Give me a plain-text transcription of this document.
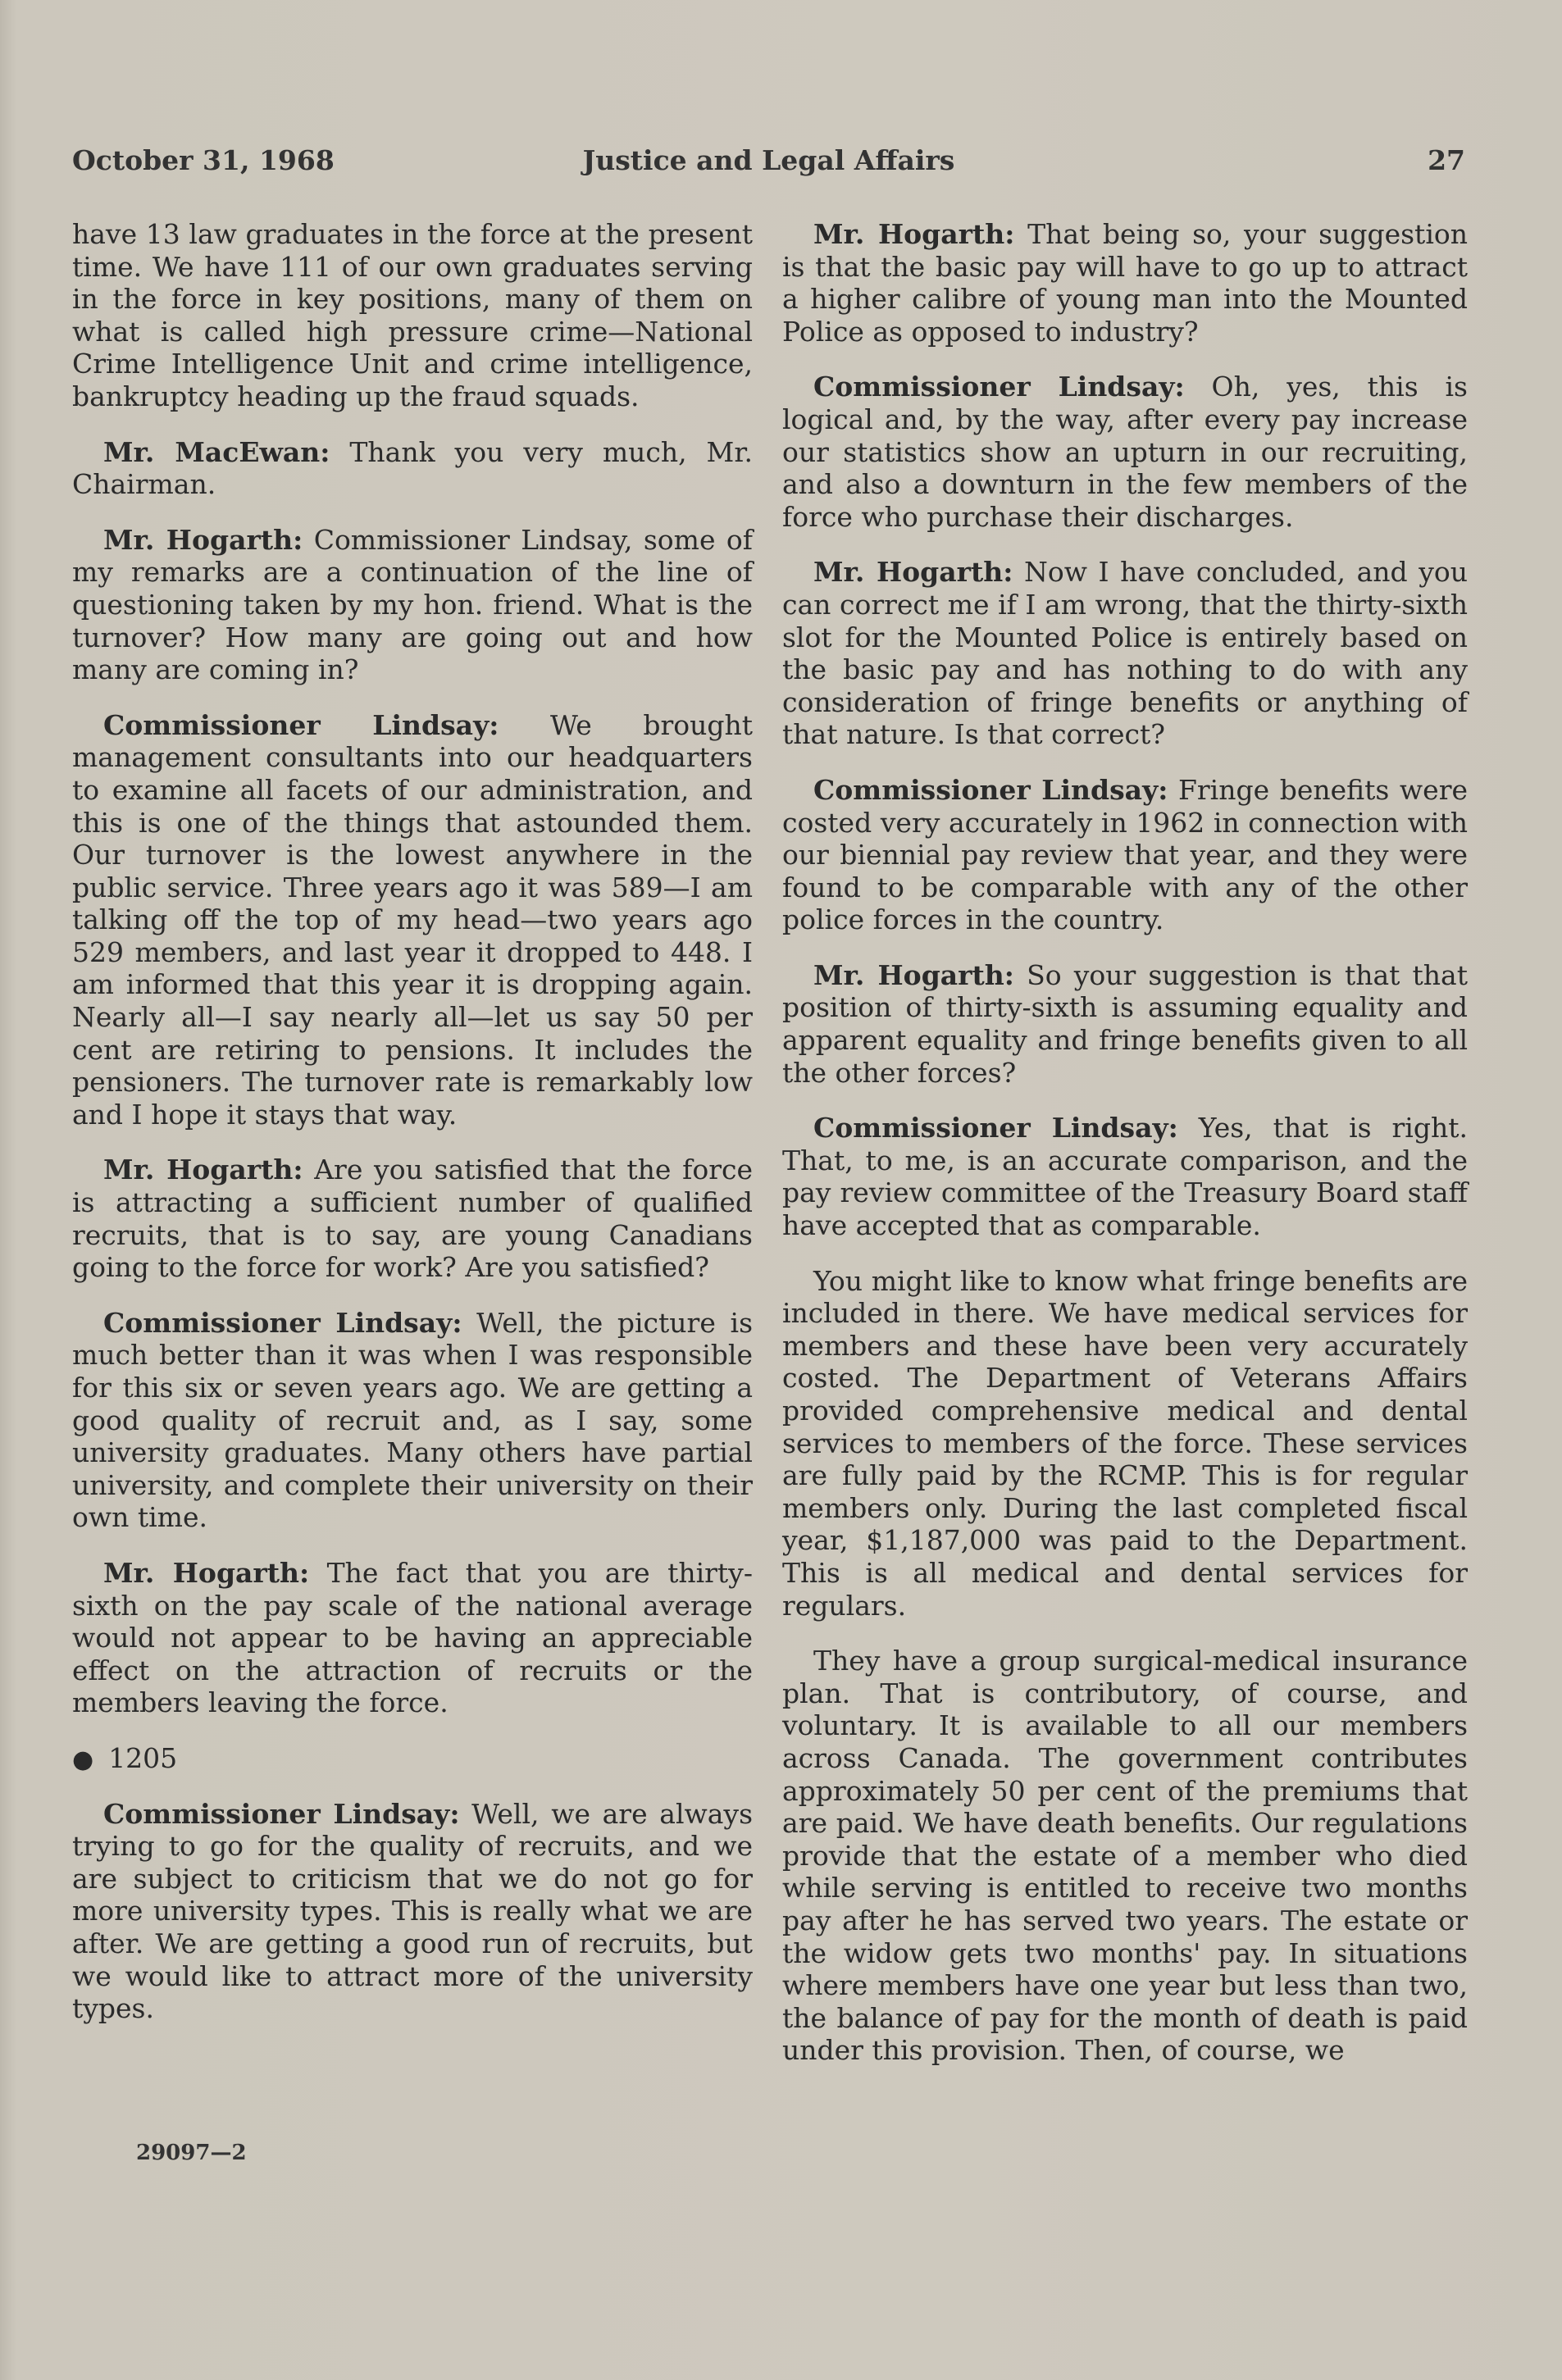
Justice and Legal Affairs
October 31, 1968	27

have 13 law graduates in the force at the present time. We have 111 of our own graduates serving in the force in key positions, many of them on what is called high pressure crime—National Crime Intelligence Unit and crime intelligence, bankruptcy heading up the fraud squads.

Mr. MacEwan: Thank you very much, Mr. Chairman.

Mr. Hogarth: Commissioner Lindsay, some of my remarks are a continuation of the line of questioning taken by my hon. friend. What is the turnover? How many are going out and how many are coming in?

Commissioner Lindsay: We brought management consultants into our headquarters to examine all facets of our administration, and this is one of the things that astounded them. Our turnover is the lowest anywhere in the public service. Three years ago it was 589—I am talking off the top of my head—two years ago 529 members, and last year it dropped to 448. I am informed that this year it is dropping again. Nearly all—I say nearly all—let us say 50 per cent are retiring to pensions. It includes the pensioners. The turnover rate is remarkably low and I hope it stays that way.

Mr. Hogarth: Are you satisfied that the force is attracting a sufficient number of qualified recruits, that is to say, are young Canadians going to the force for work? Are you satisfied?

Commissioner Lindsay: Well, the picture is much better than it was when I was responsible for this six or seven years ago. We are getting a good quality of recruit and, as I say, some university graduates. Many others have partial university, and complete their university on their own time.

Mr. Hogarth: The fact that you are thirty-sixth on the pay scale of the national average would not appear to be having an appreciable effect on the attraction of recruits or the members leaving the force.

● 1205

Commissioner Lindsay: Well, we are always trying to go for the quality of recruits, and we are subject to criticism that we do not go for more university types. This is really what we are after. We are getting a good run of recruits, but we would like to attract more of the university types.

29097—2

Mr. Hogarth: That being so, your suggestion is that the basic pay will have to go up to attract a higher calibre of young man into the Mounted Police as opposed to industry?

Commissioner Lindsay: Oh, yes, this is logical and, by the way, after every pay increase our statistics show an upturn in our recruiting, and also a downturn in the few members of the force who purchase their discharges.

Mr. Hogarth: Now I have concluded, and you can correct me if I am wrong, that the thirty-sixth slot for the Mounted Police is entirely based on the basic pay and has nothing to do with any consideration of fringe benefits or anything of that nature. Is that correct?

Commissioner Lindsay: Fringe benefits were costed very accurately in 1962 in connection with our biennial pay review that year, and they were found to be comparable with any of the other police forces in the country.

Mr. Hogarth: So your suggestion is that that position of thirty-sixth is assuming equality and apparent equality and fringe benefits given to all the other forces?

Commissioner Lindsay: Yes, that is right. That, to me, is an accurate comparison, and the pay review committee of the Treasury Board staff have accepted that as comparable.

You might like to know what fringe benefits are included in there. We have medical services for members and these have been very accurately costed. The Department of Veterans Affairs provided comprehensive medical and dental services to members of the force. These services are fully paid by the RCMP. This is for regular members only. During the last completed fiscal year, $1,187,000 was paid to the Department. This is all medical and dental services for regulars.

They have a group surgical-medical insurance plan. That is contributory, of course, and voluntary. It is available to all our members across Canada. The government contributes approximately 50 per cent of the premiums that are paid. We have death benefits. Our regulations provide that the estate of a member who died while serving is entitled to receive two months pay after he has served two years. The estate or the widow gets two months' pay. In situations where members have one year but less than two, the balance of pay for the month of death is paid under this provision. Then, of course, we
